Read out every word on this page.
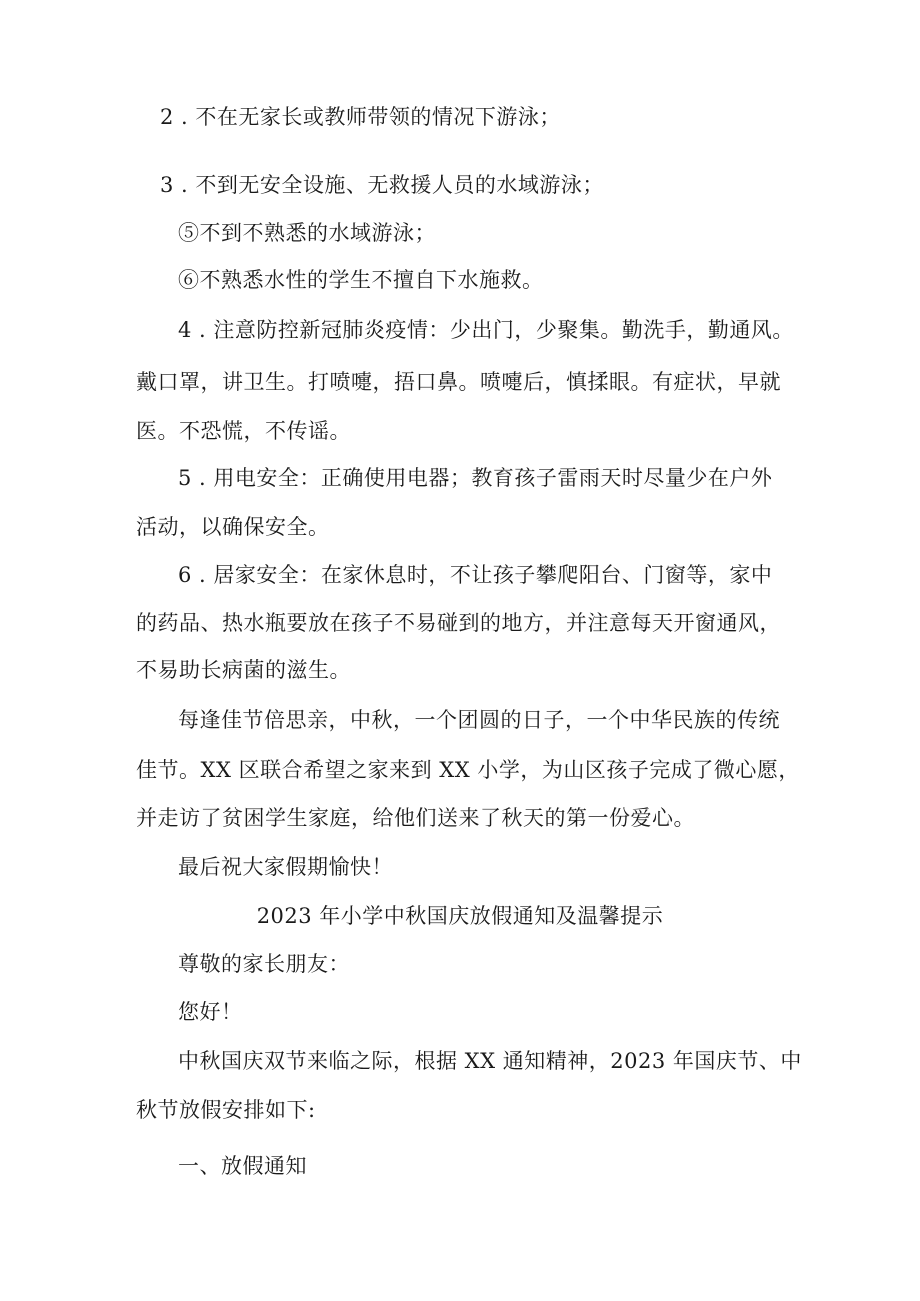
2 . 不在无家长或教师带领的情况下游泳；
3 . 不到无安全设施、无救援人员的水域游泳；
⑤不到不熟悉的水域游泳；
⑥不熟悉水性的学生不擅自下水施救。
4 . 注意防控新冠肺炎疫情：少出门，少聚集。勤洗手，勤通风。
戴口罩，讲卫生。打喷嚏，捂口鼻。喷嚏后，慎揉眼。有症状，早就
医。不恐慌，不传谣。
5 . 用电安全：正确使用电器；教育孩子雷雨天时尽量少在户外
活动，以确保安全。
6 . 居家安全：在家休息时，不让孩子攀爬阳台、门窗等，家中
的药品、热水瓶要放在孩子不易碰到的地方，并注意每天开窗通风，
不易助长病菌的滋生。
每逢佳节倍思亲，中秋，一个团圆的日子，一个中华民族的传统
佳节。XX 区联合希望之家来到 XX 小学，为山区孩子完成了微心愿，
并走访了贫困学生家庭，给他们送来了秋天的第一份爱心。
最后祝大家假期愉快！
2023 年小学中秋国庆放假通知及温馨提示
尊敬的家长朋友：
您好！
中秋国庆双节来临之际，根据 XX 通知精神，2023 年国庆节、中
秋节放假安排如下:
一、放假通知
